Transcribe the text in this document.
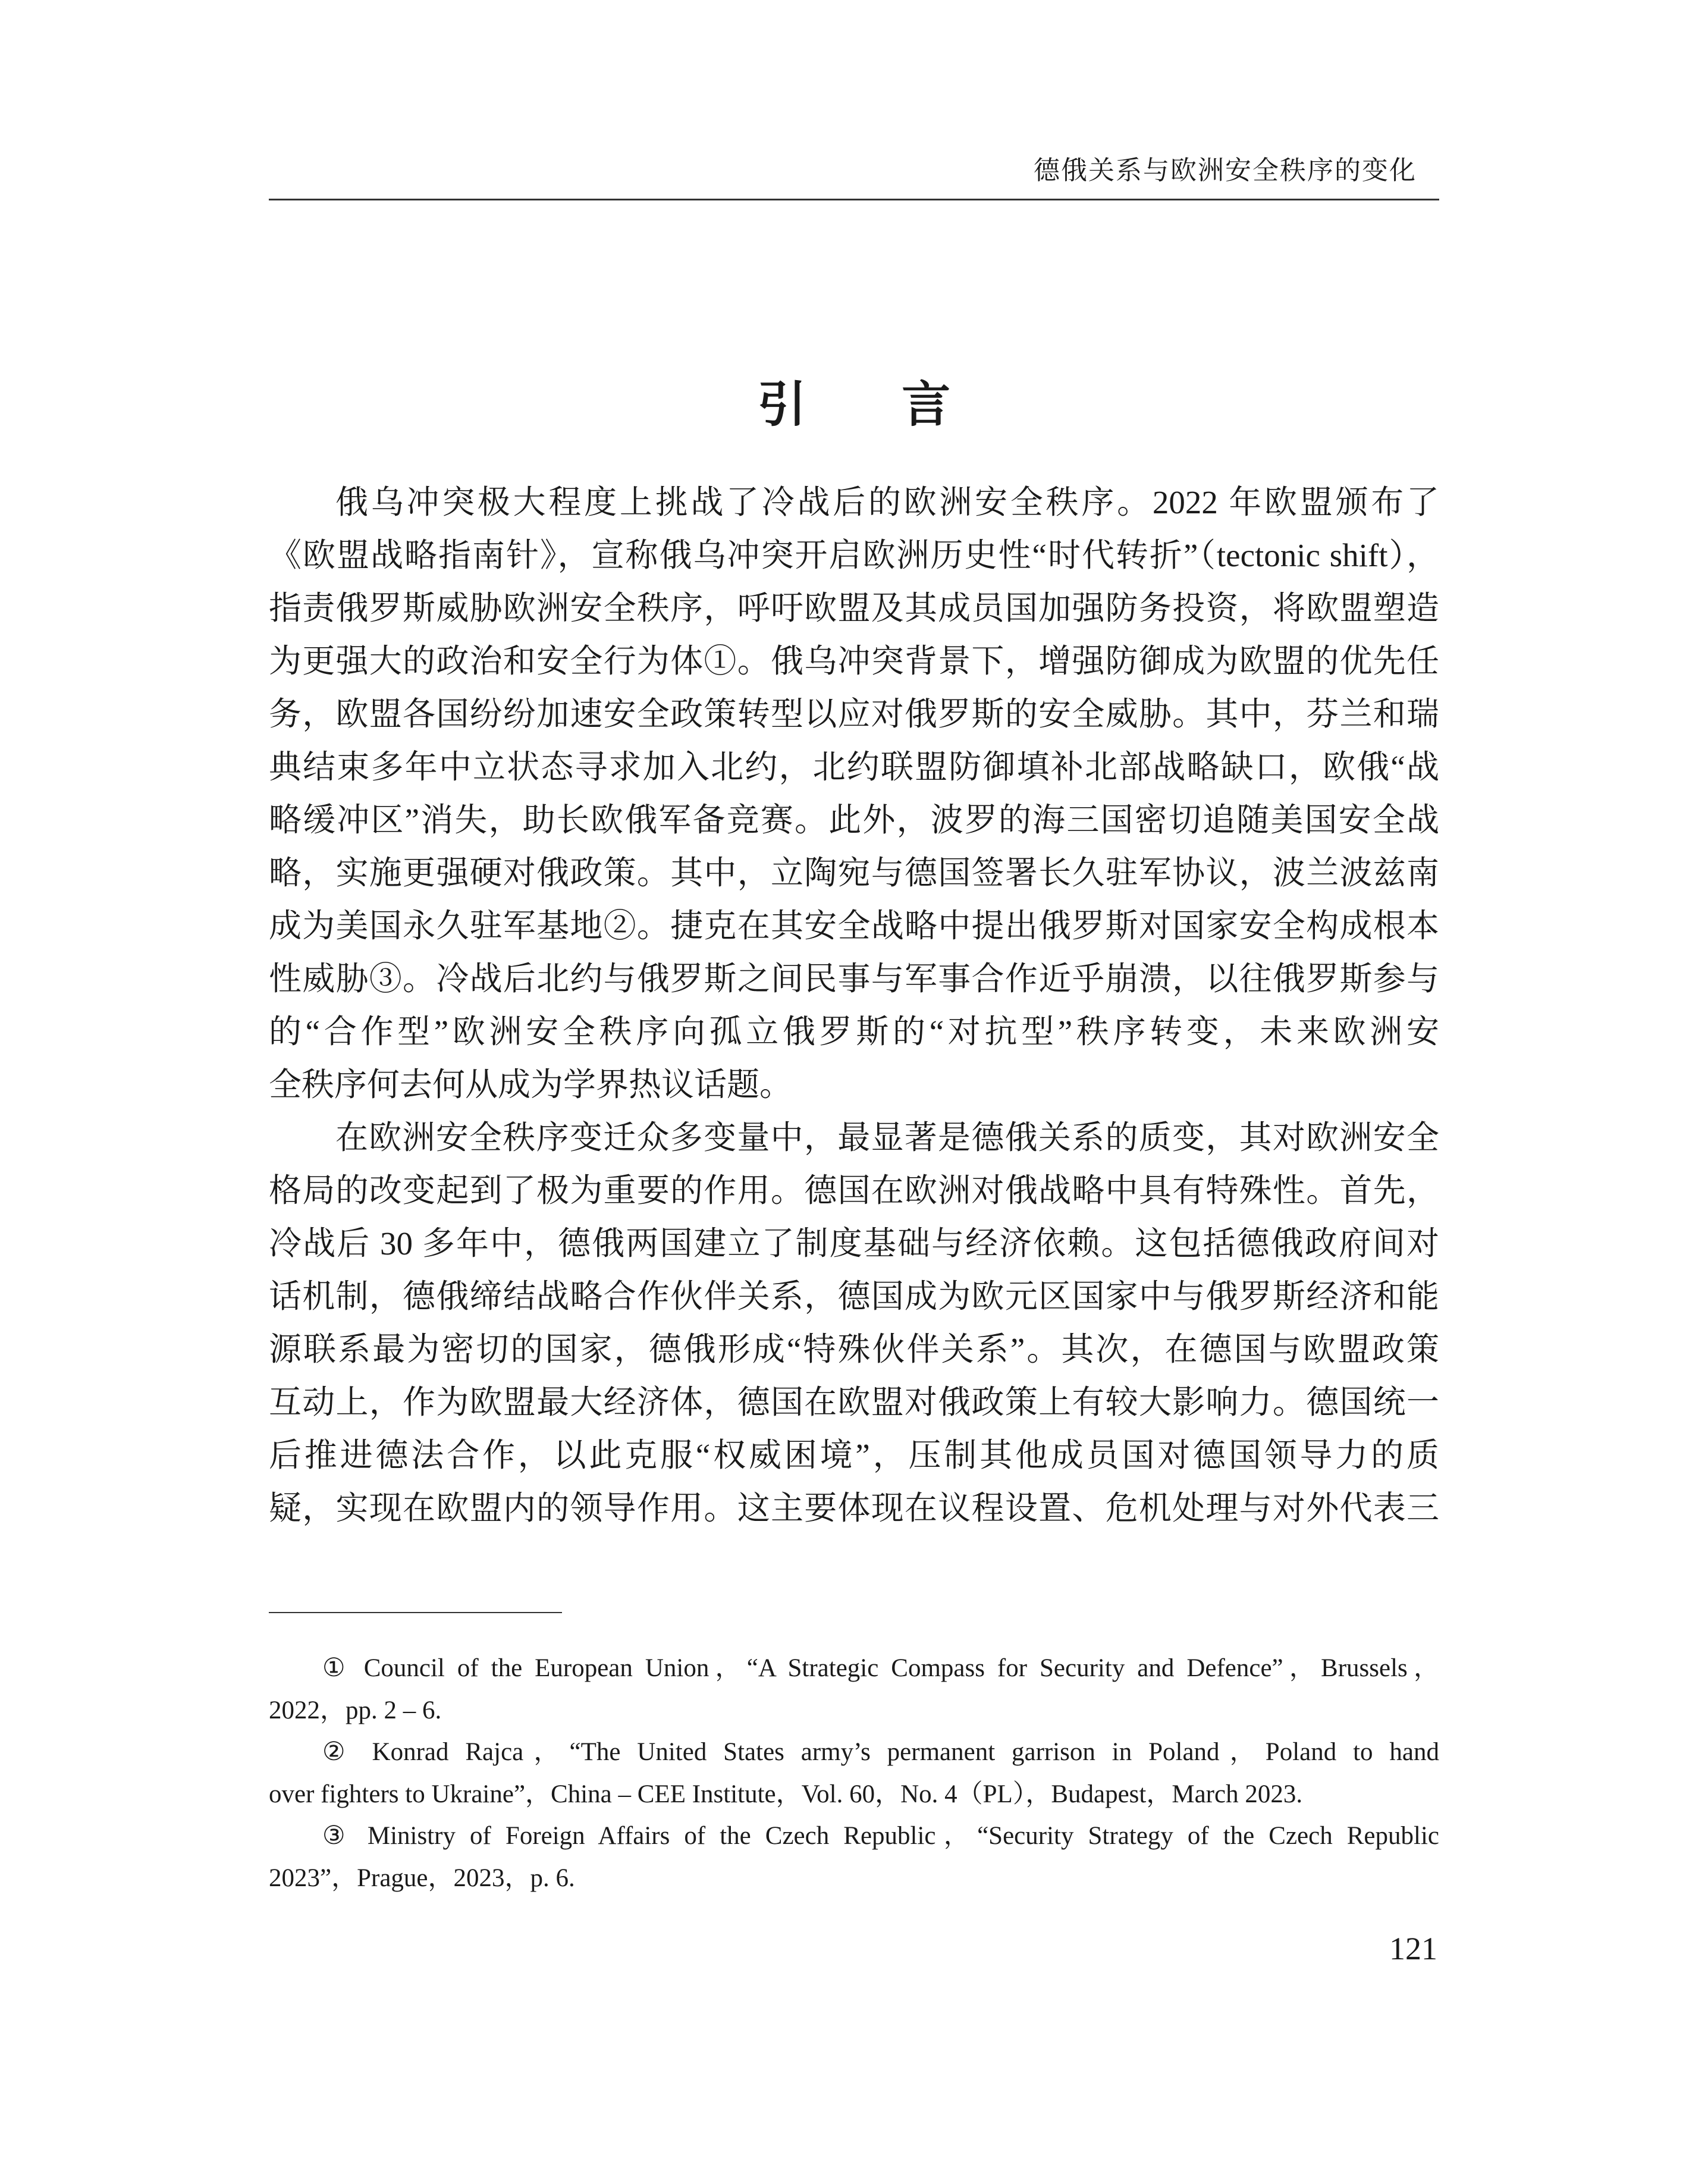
德俄关系与欧洲安全秩序的变化
引 言
俄乌冲突极大程度上挑战了冷战后的欧洲安全秩序。2022 年欧盟颁布了
《欧盟战略指南针》，宣称俄乌冲突开启欧洲历史性“时代转折”（tectonic shift），
指责俄罗斯威胁欧洲安全秩序，呼吁欧盟及其成员国加强防务投资，将欧盟塑造
为更强大的政治和安全行为体①。俄乌冲突背景下，增强防御成为欧盟的优先任
务，欧盟各国纷纷加速安全政策转型以应对俄罗斯的安全威胁。其中，芬兰和瑞
典结束多年中立状态寻求加入北约，北约联盟防御填补北部战略缺口，欧俄“战
略缓冲区”消失，助长欧俄军备竞赛。此外，波罗的海三国密切追随美国安全战
略，实施更强硬对俄政策。其中，立陶宛与德国签署长久驻军协议，波兰波兹南
成为美国永久驻军基地②。捷克在其安全战略中提出俄罗斯对国家安全构成根本
性威胁③。冷战后北约与俄罗斯之间民事与军事合作近乎崩溃，以往俄罗斯参与
的“合作型”欧洲安全秩序向孤立俄罗斯的“对抗型”秩序转变，未来欧洲安
全秩序何去何从成为学界热议话题。
在欧洲安全秩序变迁众多变量中，最显著是德俄关系的质变，其对欧洲安全
格局的改变起到了极为重要的作用。德国在欧洲对俄战略中具有特殊性。首先，
冷战后 30 多年中，德俄两国建立了制度基础与经济依赖。这包括德俄政府间对
话机制，德俄缔结战略合作伙伴关系，德国成为欧元区国家中与俄罗斯经济和能
源联系最为密切的国家，德俄形成“特殊伙伴关系”。其次，在德国与欧盟政策
互动上，作为欧盟最大经济体，德国在欧盟对俄政策上有较大影响力。德国统一
后推进德法合作，以此克服“权威困境”，压制其他成员国对德国领导力的质
疑，实现在欧盟内的领导作用。这主要体现在议程设置、危机处理与对外代表三
① Council of the European Union，“A Strategic Compass for Security and Defence”，Brussels，
2022，pp. 2 – 6.
② Konrad Rajca，“The United States army’s permanent garrison in Poland，Poland to hand
over fighters to Ukraine”，China – CEE Institute，Vol. 60，No. 4（PL），Budapest，March 2023.
③ Ministry of Foreign Affairs of the Czech Republic，“Security Strategy of the Czech Republic
2023”，Prague，2023，p. 6.
121
